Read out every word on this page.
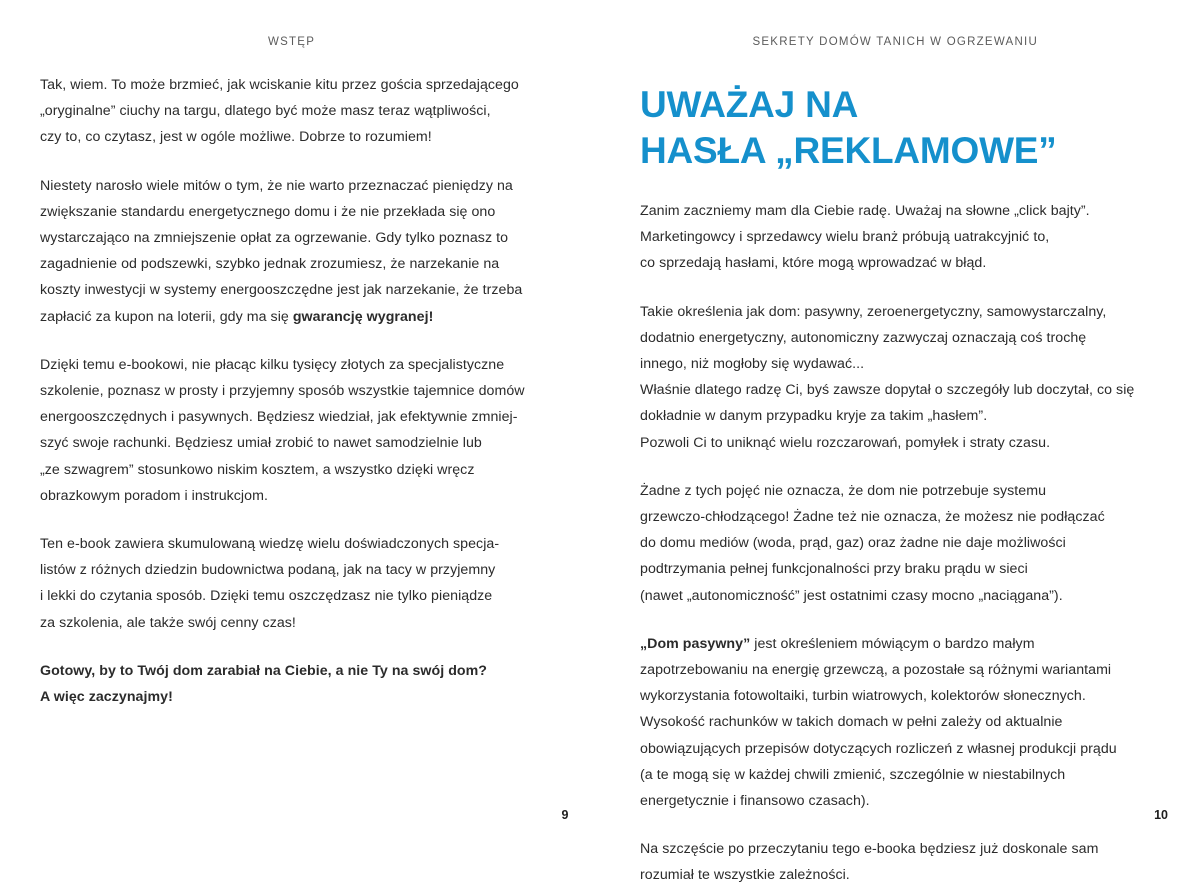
WSTĘP	SEKRETY DOMÓW TANICH W OGRZEWANIU

Tak, wiem. To może brzmieć, jak wciskanie kitu przez gościa sprzedającego
„oryginalne” ciuchy na targu, dlatego być może masz teraz wątpliwości,
czy to, co czytasz, jest w ogóle możliwe. Dobrze to rozumiem!

Niestety narosło wiele mitów o tym, że nie warto przeznaczać pieniędzy na
zwiększanie standardu energetycznego domu i że nie przekłada się ono
wystarczająco na zmniejszenie opłat za ogrzewanie. Gdy tylko poznasz to
zagadnienie od podszewki, szybko jednak zrozumiesz, że narzekanie na
koszty inwestycji w systemy energooszczędne jest jak narzekanie, że trzeba
zapłacić za kupon na loterii, gdy ma się gwarancję wygranej!

Dzięki temu e-bookowi, nie płacąc kilku tysięcy złotych za specjalistyczne
szkolenie, poznasz w prosty i przyjemny sposób wszystkie tajemnice domów
energooszczędnych i pasywnych. Będziesz wiedział, jak efektywnie zmniej-
szyć swoje rachunki. Będziesz umiał zrobić to nawet samodzielnie lub
„ze szwagrem” stosunkowo niskim kosztem, a wszystko dzięki wręcz
obrazkowym poradom i instrukcjom.

Ten e-book zawiera skumulowaną wiedzę wielu doświadczonych specja-
listów z różnych dziedzin budownictwa podaną, jak na tacy w przyjemny
i lekki do czytania sposób. Dzięki temu oszczędzasz nie tylko pieniądze
za szkolenia, ale także swój cenny czas!

Gotowy, by to Twój dom zarabiał na Ciebie, a nie Ty na swój dom?
A więc zaczynajmy!

UWAŻAJ NA
HASŁA „REKLAMOWE”

Zanim zaczniemy mam dla Ciebie radę. Uważaj na słowne „click bajty”.
Marketingowcy i sprzedawcy wielu branż próbują uatrakcyjnić to,
co sprzedają hasłami, które mogą wprowadzać w błąd.

Takie określenia jak dom: pasywny, zeroenergetyczny, samowystarczalny,
dodatnio energetyczny, autonomiczny zazwyczaj oznaczają coś trochę
innego, niż mogłoby się wydawać...
Właśnie dlatego radzę Ci, byś zawsze dopytał o szczegóły lub doczytał, co się
dokładnie w danym przypadku kryje za takim „hasłem”.
Pozwoli Ci to uniknąć wielu rozczarowań, pomyłek i straty czasu.

Żadne z tych pojęć nie oznacza, że dom nie potrzebuje systemu
grzewczo-chłodzącego! Żadne też nie oznacza, że możesz nie podłączać
do domu mediów (woda, prąd, gaz) oraz żadne nie daje możliwości
podtrzymania pełnej funkcjonalności przy braku prądu w sieci
(nawet „autonomiczność” jest ostatnimi czasy mocno „naciągana”).

„Dom pasywny” jest określeniem mówiącym o bardzo małym
zapotrzebowaniu na energię grzewczą, a pozostałe są różnymi wariantami
wykorzystania fotowoltaiki, turbin wiatrowych, kolektorów słonecznych.
Wysokość rachunków w takich domach w pełni zależy od aktualnie
obowiązujących przepisów dotyczących rozliczeń z własnej produkcji prądu
(a te mogą się w każdej chwili zmienić, szczególnie w niestabilnych
energetycznie i finansowo czasach).

Na szczęście po przeczytaniu tego e-booka będziesz już doskonale sam
rozumiał te wszystkie zależności.

9	10
